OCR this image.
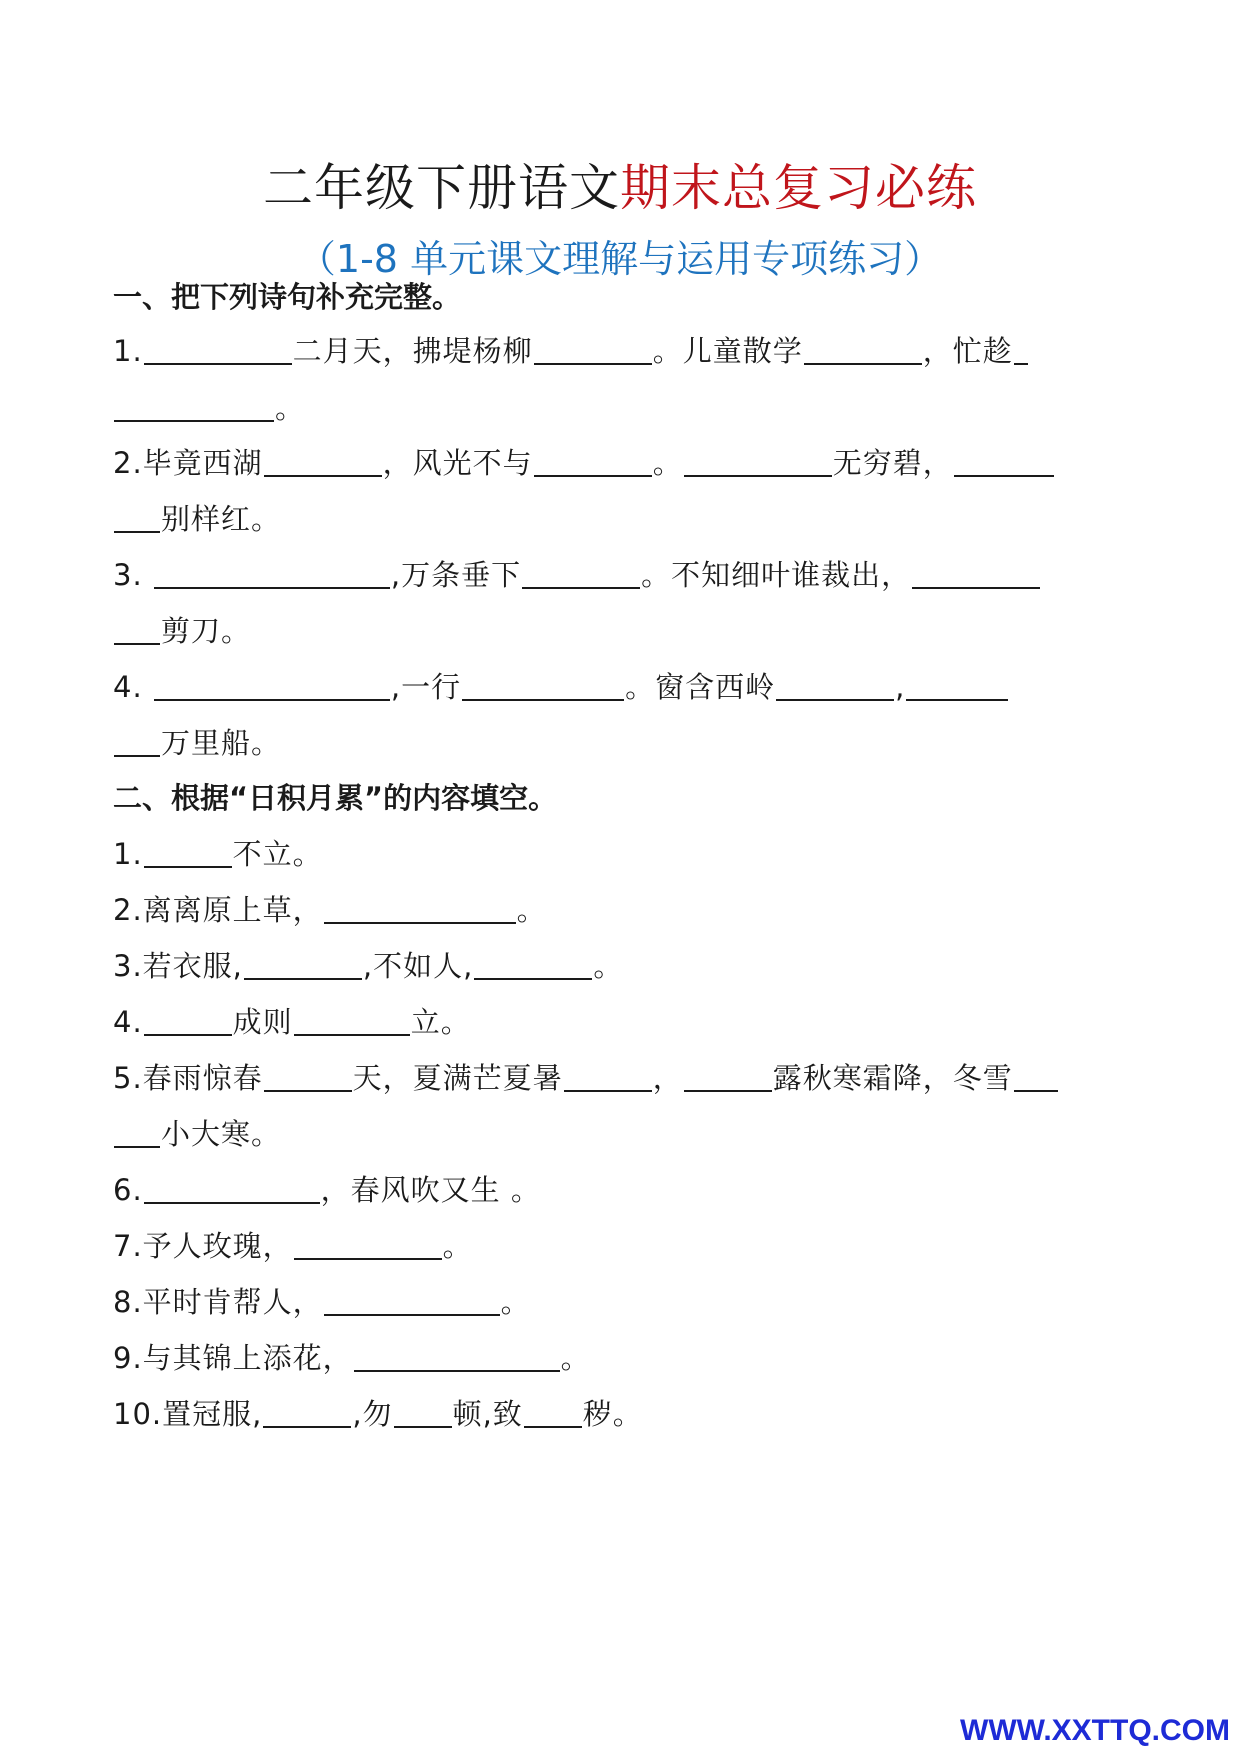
二年级下册语文期末总复习必练
（1-8 单元课文理解与运用专项练习）
一、把下列诗句补充完整。
1.	二月天，拂堤杨柳	。儿童散学	，忙趁
。
2.毕竟西湖	，风光不与	。	无穷碧，
别样红。
3.	,万条垂下	。不知细叶谁裁出，
剪刀。
4.	,一行	。窗含西岭	,
万里船。
二、根据“日积月累”的内容填空。
1.	不立。
2.离离原上草，	。
3.若衣服,	,不如人,	。
4.	成则	立。
5.春雨惊春	天，夏满芒夏暑	，	露秋寒霜降，冬雪
小大寒。
6.	，春风吹又生 。
7.予人玫瑰，	。
8.平时肯帮人，	。
9.与其锦上添花，	。
10.置冠服,	,勿 顿,致 秽。
WWW.XXTTQ.COM
